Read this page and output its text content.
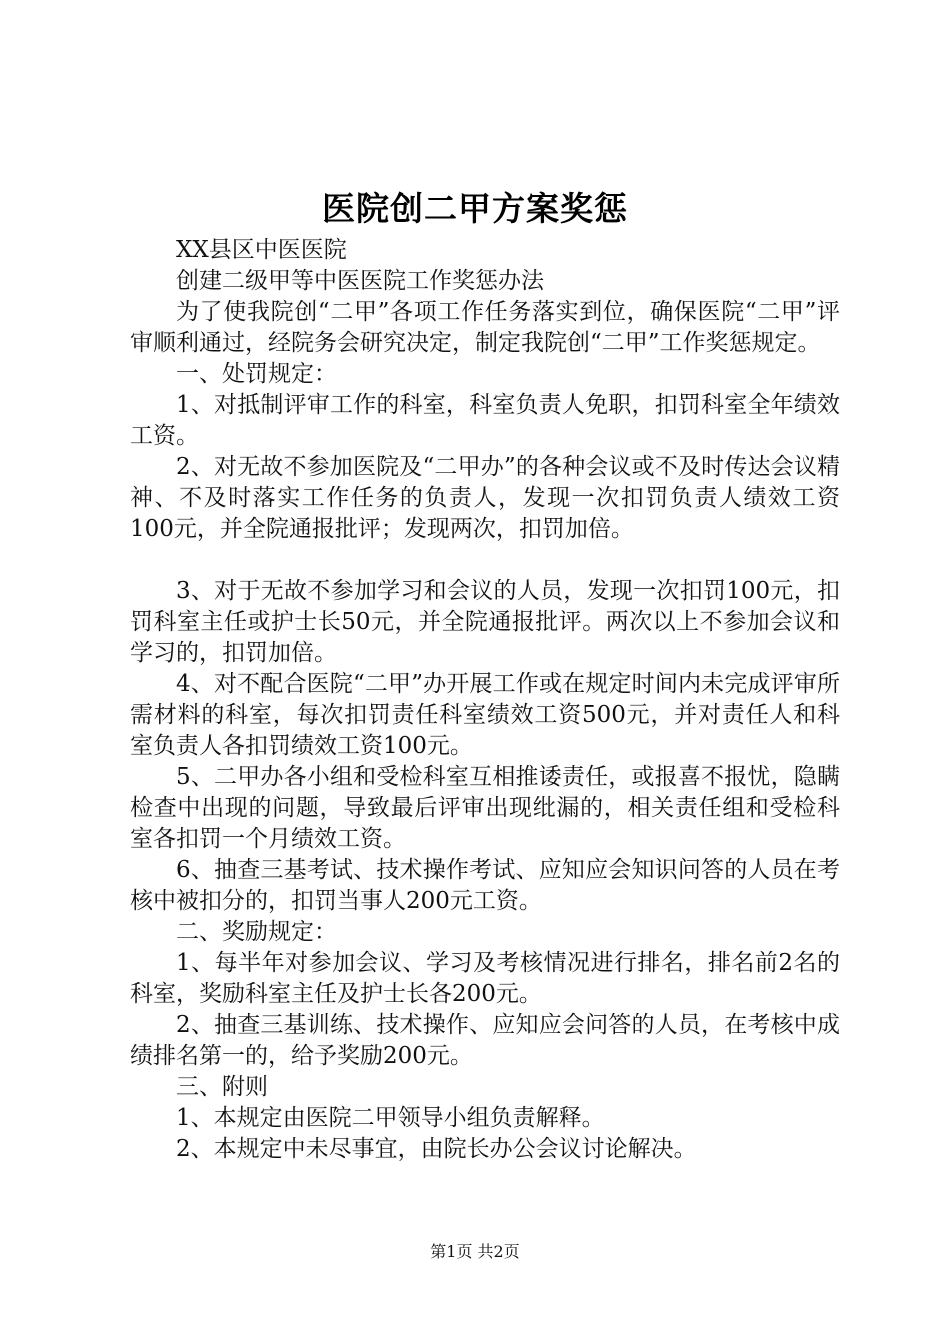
医院创二甲方案奖惩

XX县区中医医院

创建二级甲等中医医院工作奖惩办法

为了使我院创“二甲”各项工作任务落实到位，确保医院“二甲”评审顺利通过，经院务会研究决定，制定我院创“二甲”工作奖惩规定。

一、处罚规定：

1、对抵制评审工作的科室，科室负责人免职，扣罚科室全年绩效工资。

2、对无故不参加医院及“二甲办”的各种会议或不及时传达会议精神、不及时落实工作任务的负责人，发现一次扣罚负责人绩效工资100元，并全院通报批评；发现两次，扣罚加倍。

3、对于无故不参加学习和会议的人员，发现一次扣罚100元，扣罚科室主任或护士长50元，并全院通报批评。两次以上不参加会议和学习的，扣罚加倍。

4、对不配合医院“二甲”办开展工作或在规定时间内未完成评审所需材料的科室，每次扣罚责任科室绩效工资500元，并对责任人和科室负责人各扣罚绩效工资100元。

5、二甲办各小组和受检科室互相推诿责任，或报喜不报忧，隐瞒检查中出现的问题，导致最后评审出现纰漏的，相关责任组和受检科室各扣罚一个月绩效工资。

6、抽查三基考试、技术操作考试、应知应会知识问答的人员在考核中被扣分的，扣罚当事人200元工资。

二、奖励规定：

1、每半年对参加会议、学习及考核情况进行排名，排名前2名的科室，奖励科室主任及护士长各200元。

2、抽查三基训练、技术操作、应知应会问答的人员，在考核中成绩排名第一的，给予奖励200元。

三、附则

1、本规定由医院二甲领导小组负责解释。

2、本规定中未尽事宜，由院长办公会议讨论解决。

第1页 共2页
